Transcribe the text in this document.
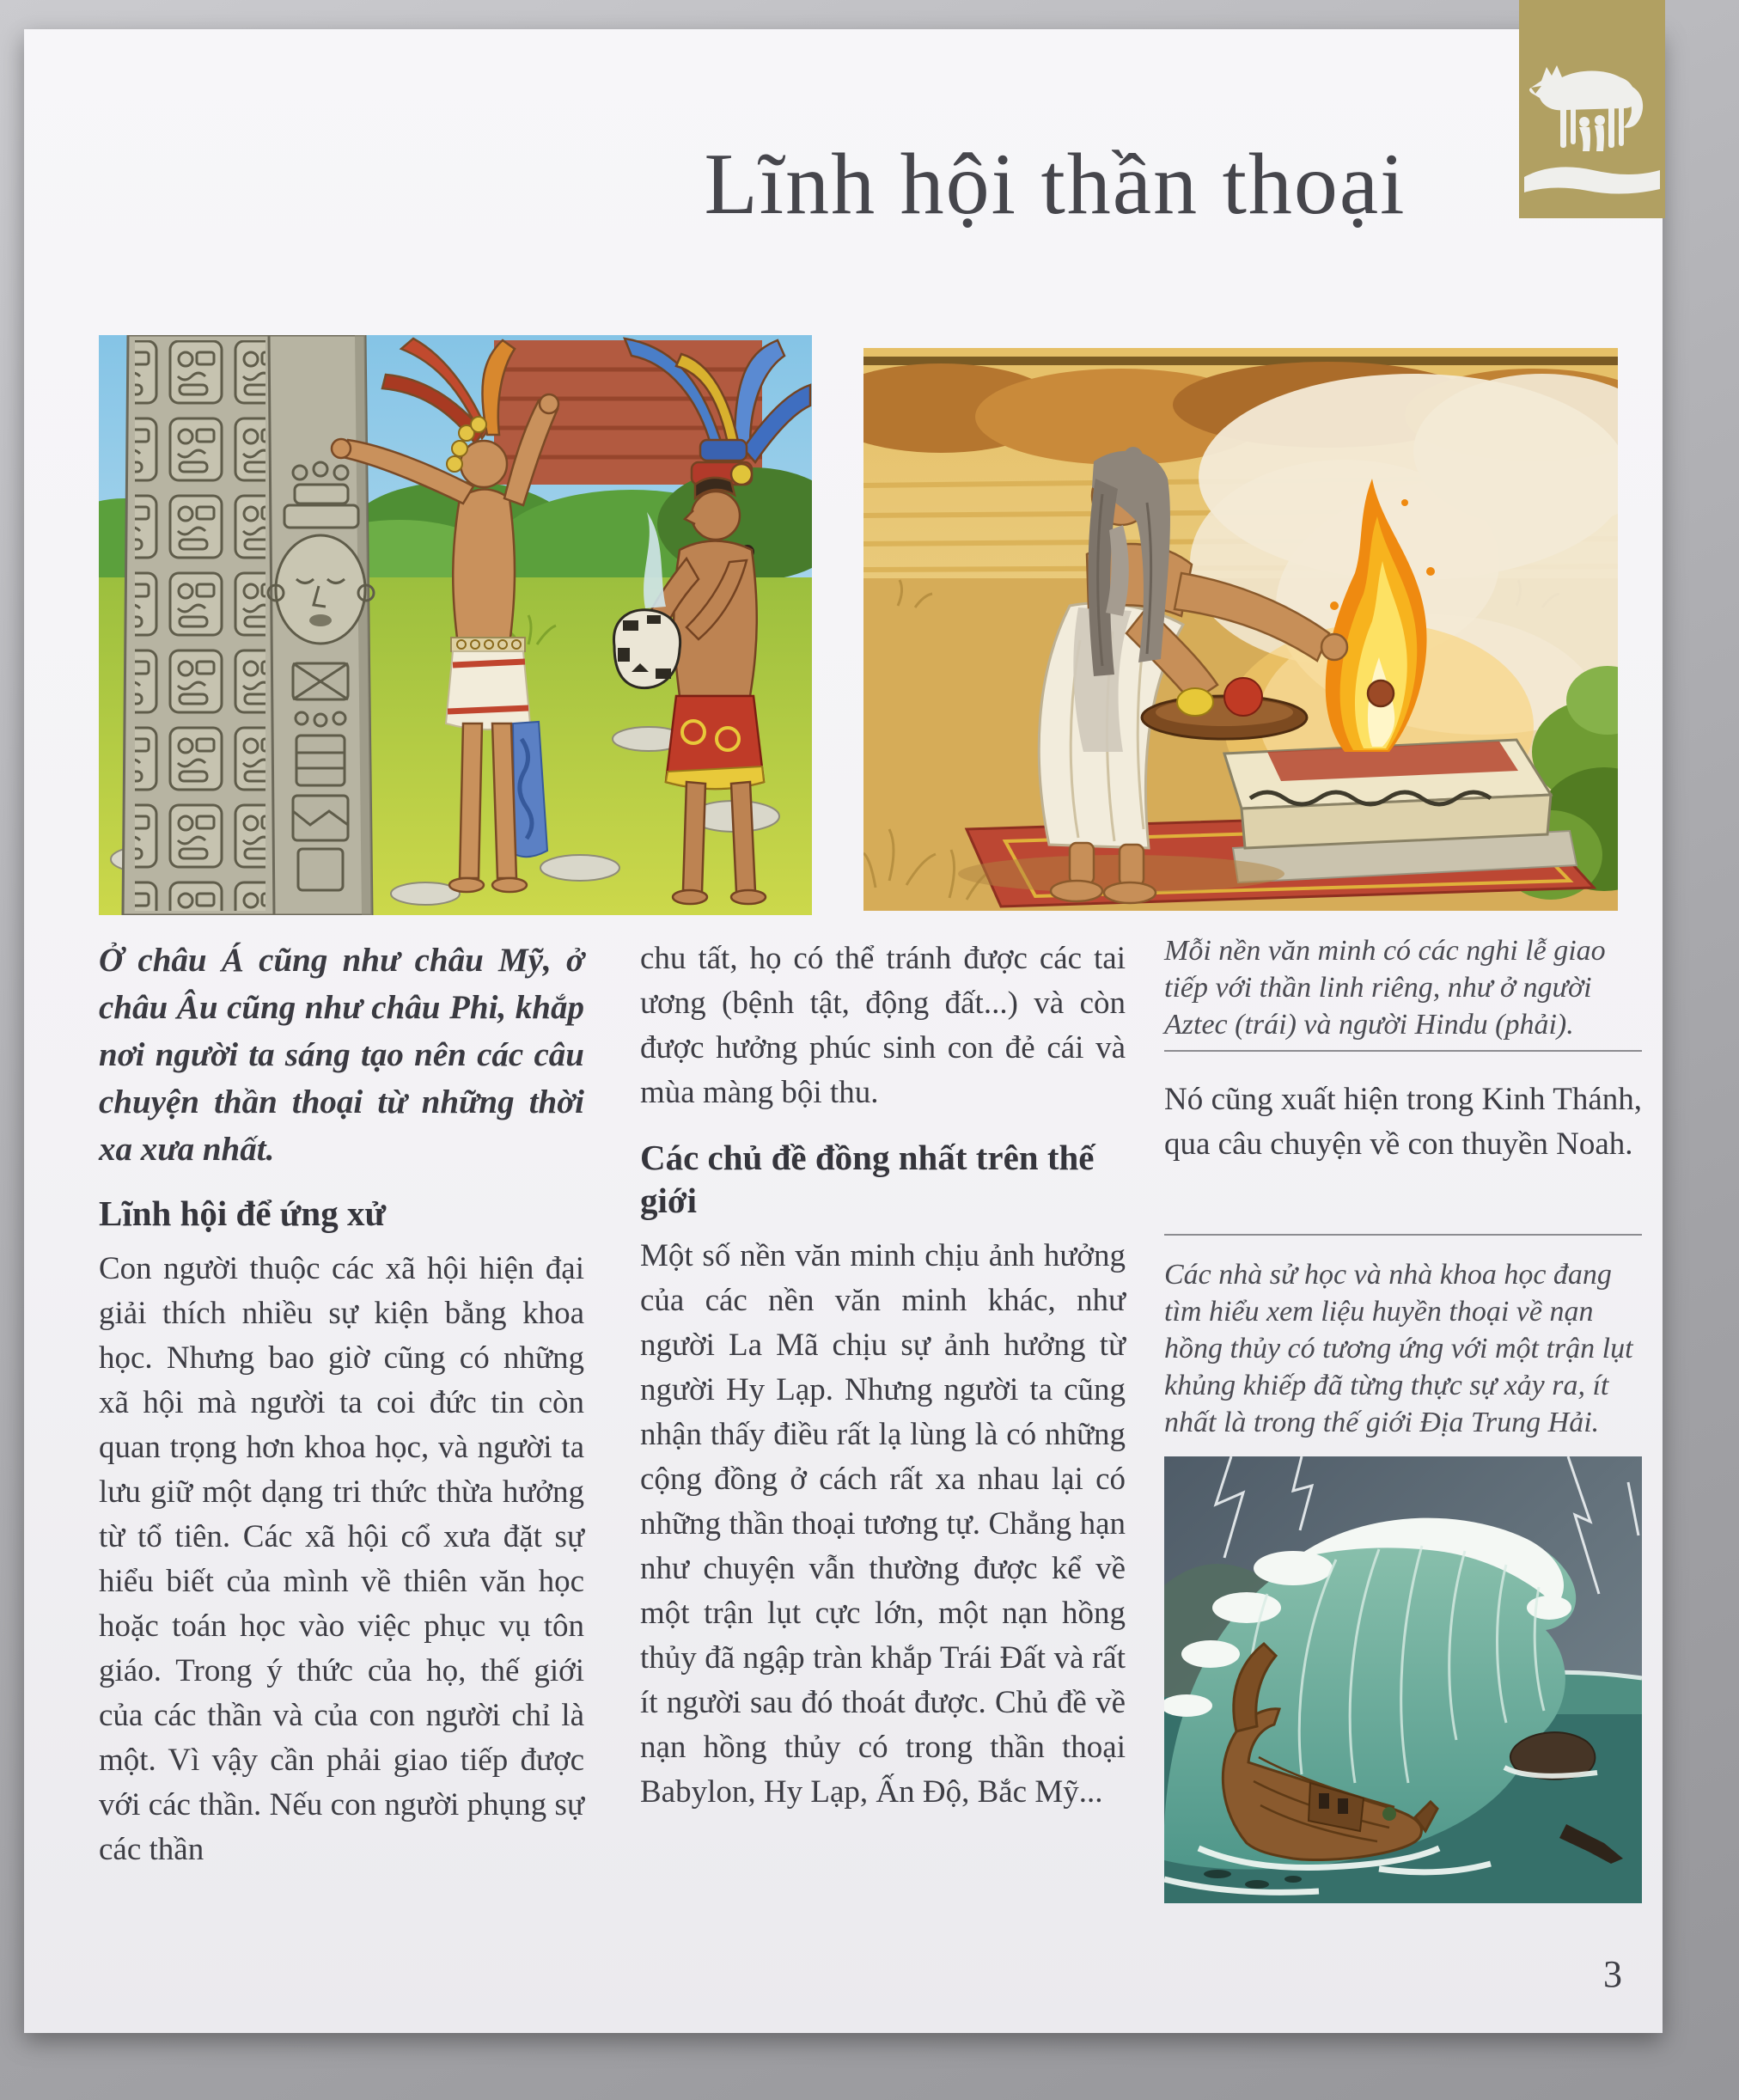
Lĩnh hội thần thoại

Ở châu Á cũng như châu Mỹ, ở châu Âu cũng như châu Phi, khắp nơi người ta sáng tạo nên các câu chuyện thần thoại từ những thời xa xưa nhất.

Lĩnh hội để ứng xử

Con người thuộc các xã hội hiện đại giải thích nhiều sự kiện bằng khoa học. Nhưng bao giờ cũng có những xã hội mà người ta coi đức tin còn quan trọng hơn khoa học, và người ta lưu giữ một dạng tri thức thừa hưởng từ tổ tiên. Các xã hội cổ xưa đặt sự hiểu biết của mình về thiên văn học hoặc toán học vào việc phục vụ tôn giáo. Trong ý thức của họ, thế giới của các thần và của con người chỉ là một. Vì vậy cần phải giao tiếp được với các thần. Nếu con người phụng sự các thần

chu tất, họ có thể tránh được các tai ương (bệnh tật, động đất...) và còn được hưởng phúc sinh con đẻ cái và mùa màng bội thu.

Các chủ đề đồng nhất trên thế giới

Một số nền văn minh chịu ảnh hưởng của các nền văn minh khác, như người La Mã chịu sự ảnh hưởng từ người Hy Lạp. Nhưng người ta cũng nhận thấy điều rất lạ lùng là có những cộng đồng ở cách rất xa nhau lại có những thần thoại tương tự. Chẳng hạn như chuyện vẫn thường được kể về một trận lụt cực lớn, một nạn hồng thủy đã ngập tràn khắp Trái Đất và rất ít người sau đó thoát được. Chủ đề về nạn hồng thủy có trong thần thoại Babylon, Hy Lạp, Ấn Độ, Bắc Mỹ...

Mỗi nền văn minh có các nghi lễ giao tiếp với thần linh riêng, như ở người Aztec (trái) và người Hindu (phải).

Nó cũng xuất hiện trong Kinh Thánh, qua câu chuyện về con thuyền Noah.

Các nhà sử học và nhà khoa học đang tìm hiểu xem liệu huyền thoại về nạn hồng thủy có tương ứng với một trận lụt khủng khiếp đã từng thực sự xảy ra, ít nhất là trong thế giới Địa Trung Hải.

3
